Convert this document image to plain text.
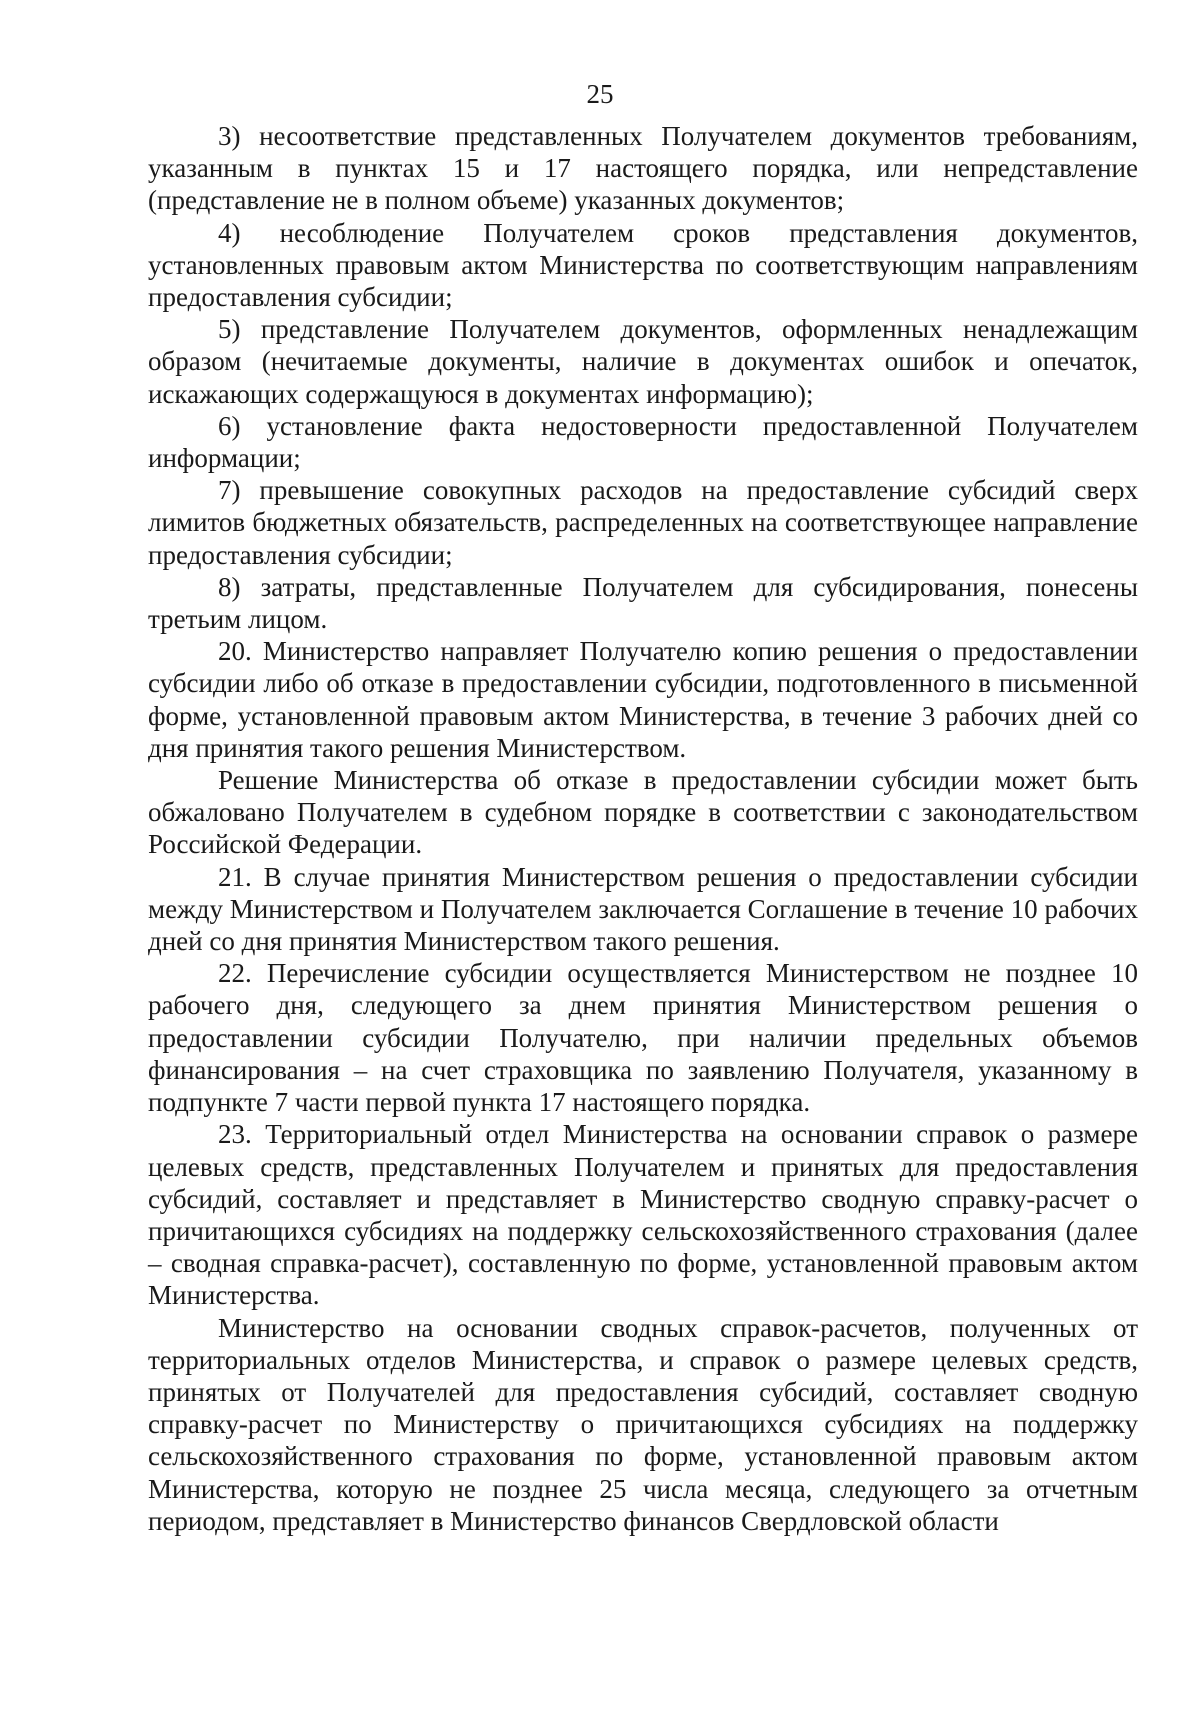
25

3) несоответствие представленных Получателем документов требованиям, указанным в пунктах 15 и 17 настоящего порядка, или непредставление (представление не в полном объеме) указанных документов;

4) несоблюдение Получателем сроков представления документов, установленных правовым актом Министерства по соответствующим направлениям предоставления субсидии;

5) представление Получателем документов, оформленных ненадлежащим образом (нечитаемые документы, наличие в документах ошибок и опечаток, искажающих содержащуюся в документах информацию);

6) установление факта недостоверности предоставленной Получателем информации;

7) превышение совокупных расходов на предоставление субсидий сверх лимитов бюджетных обязательств, распределенных на соответствующее направление предоставления субсидии;

8) затраты, представленные Получателем для субсидирования, понесены третьим лицом.

20. Министерство направляет Получателю копию решения о предоставлении субсидии либо об отказе в предоставлении субсидии, подготовленного в письменной форме, установленной правовым актом Министерства, в течение 3 рабочих дней со дня принятия такого решения Министерством.

Решение Министерства об отказе в предоставлении субсидии может быть обжаловано Получателем в судебном порядке в соответствии с законодательством Российской Федерации.

21. В случае принятия Министерством решения о предоставлении субсидии между Министерством и Получателем заключается Соглашение в течение 10 рабочих дней со дня принятия Министерством такого решения.

22. Перечисление субсидии осуществляется Министерством не позднее 10 рабочего дня, следующего за днем принятия Министерством решения о предоставлении субсидии Получателю, при наличии предельных объемов финансирования – на счет страховщика по заявлению Получателя, указанному в подпункте 7 части первой пункта 17 настоящего порядка.

23. Территориальный отдел Министерства на основании справок о размере целевых средств, представленных Получателем и принятых для предоставления субсидий, составляет и представляет в Министерство сводную справку-расчет о причитающихся субсидиях на поддержку сельскохозяйственного страхования (далее – сводная справка-расчет), составленную по форме, установленной правовым актом Министерства.

Министерство на основании сводных справок-расчетов, полученных от территориальных отделов Министерства, и справок о размере целевых средств, принятых от Получателей для предоставления субсидий, составляет сводную справку-расчет по Министерству о причитающихся субсидиях на поддержку сельскохозяйственного страхования по форме, установленной правовым актом Министерства, которую не позднее 25 числа месяца, следующего за отчетным периодом, представляет в Министерство финансов Свердловской области
